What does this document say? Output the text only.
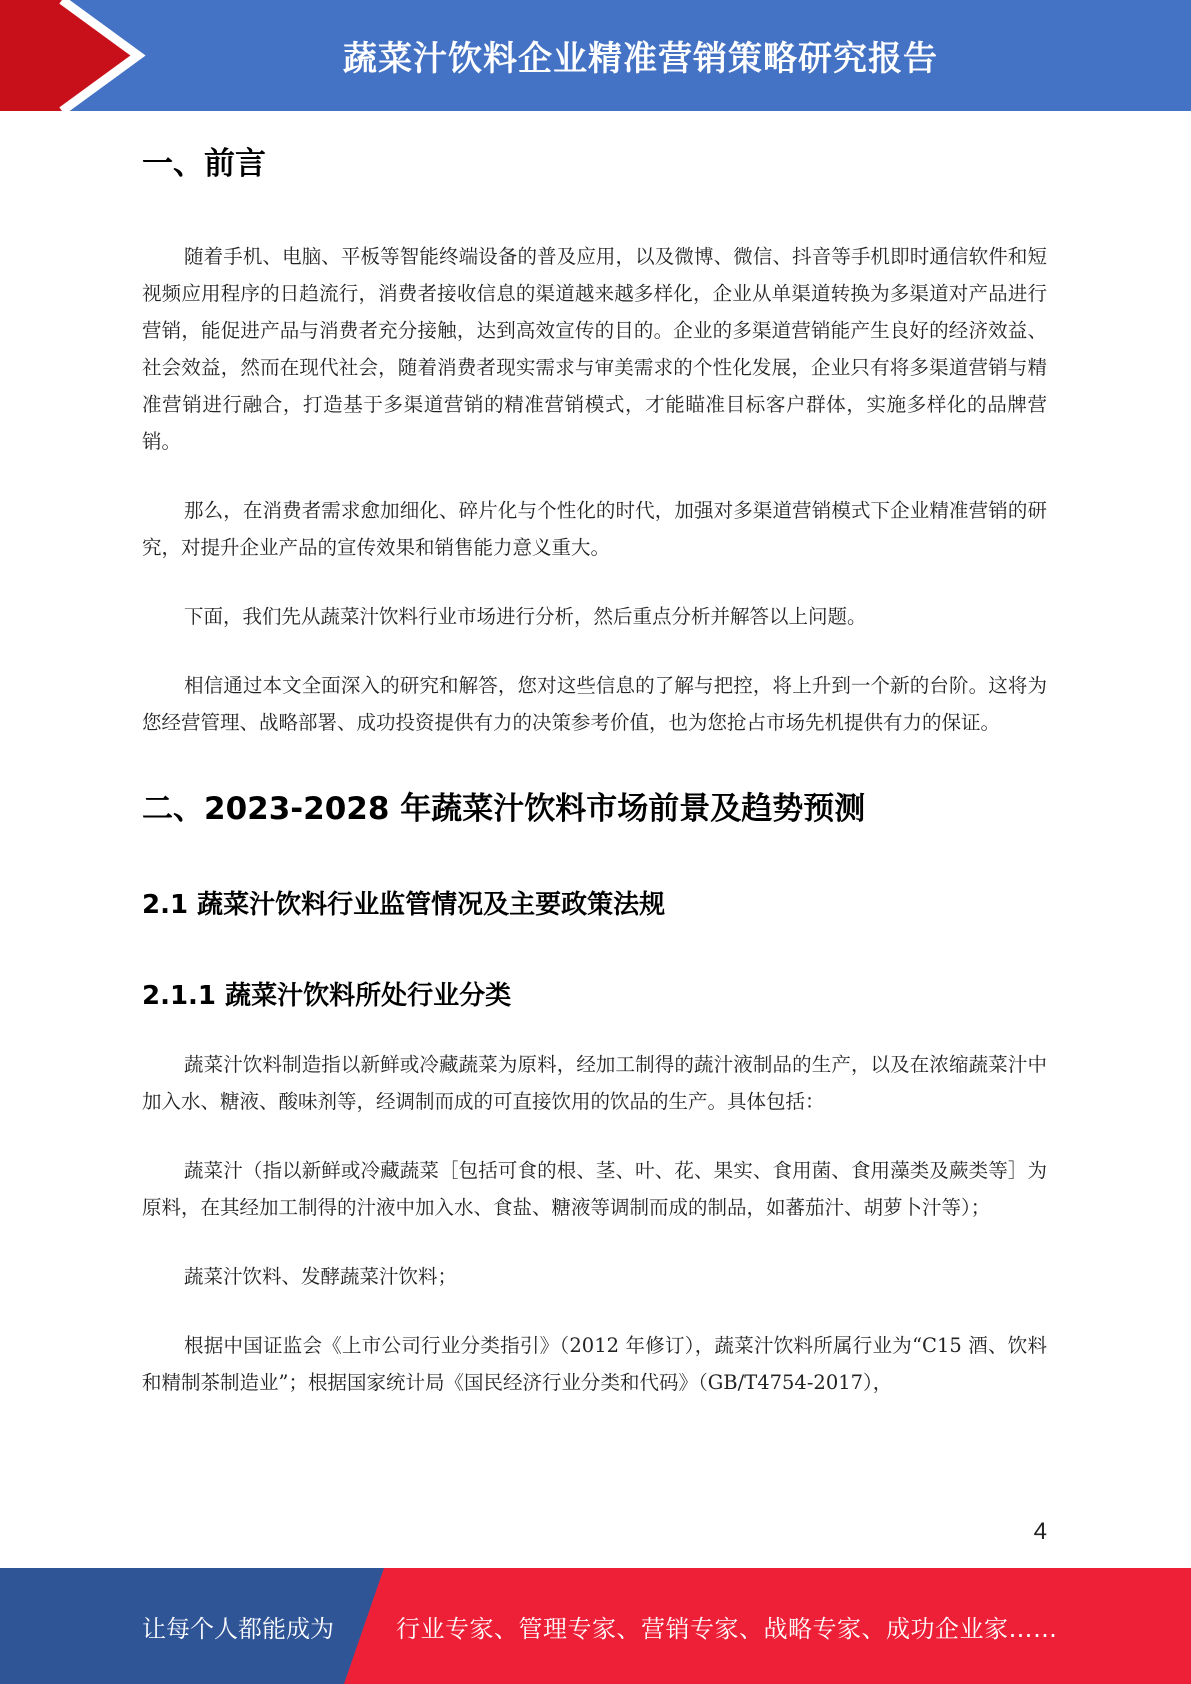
蔬菜汁饮料企业精准营销策略研究报告
一、前言

随着手机、电脑、平板等智能终端设备的普及应用，以及微博、微信、抖音等手机即时通信软件和短视频应用程序的日趋流行，消费者接收信息的渠道越来越多样化，企业从单渠道转换为多渠道对产品进行营销，能促进产品与消费者充分接触，达到高效宣传的目的。企业的多渠道营销能产生良好的经济效益、社会效益，然而在现代社会，随着消费者现实需求与审美需求的个性化发展，企业只有将多渠道营销与精准营销进行融合，打造基于多渠道营销的精准营销模式，才能瞄准目标客户群体，实施多样化的品牌营销。

那么，在消费者需求愈加细化、碎片化与个性化的时代，加强对多渠道营销模式下企业精准营销的研究，对提升企业产品的宣传效果和销售能力意义重大。

下面，我们先从蔬菜汁饮料行业市场进行分析，然后重点分析并解答以上问题。

相信通过本文全面深入的研究和解答，您对这些信息的了解与把控，将上升到一个新的台阶。这将为您经营管理、战略部署、成功投资提供有力的决策参考价值，也为您抢占市场先机提供有力的保证。

二、2023-2028 年蔬菜汁饮料市场前景及趋势预测
2.1 蔬菜汁饮料行业监管情况及主要政策法规
2.1.1 蔬菜汁饮料所处行业分类

蔬菜汁饮料制造指以新鲜或冷藏蔬菜为原料，经加工制得的蔬汁液制品的生产，以及在浓缩蔬菜汁中加入水、糖液、酸味剂等，经调制而成的可直接饮用的饮品的生产。具体包括：

蔬菜汁（指以新鲜或冷藏蔬菜［包括可食的根、茎、叶、花、果实、食用菌、食用藻类及蕨类等］为原料，在其经加工制得的汁液中加入水、食盐、糖液等调制而成的制品，如蕃茄汁、胡萝卜汁等）；

蔬菜汁饮料、发酵蔬菜汁饮料；

根据中国证监会《上市公司行业分类指引》（2012 年修订），蔬菜汁饮料所属行业为“C15 酒、饮料和精制茶制造业”；根据国家统计局《国民经济行业分类和代码》（GB/T4754-2017），

4
让每个人都能成为	行业专家、管理专家、营销专家、战略专家、成功企业家……
